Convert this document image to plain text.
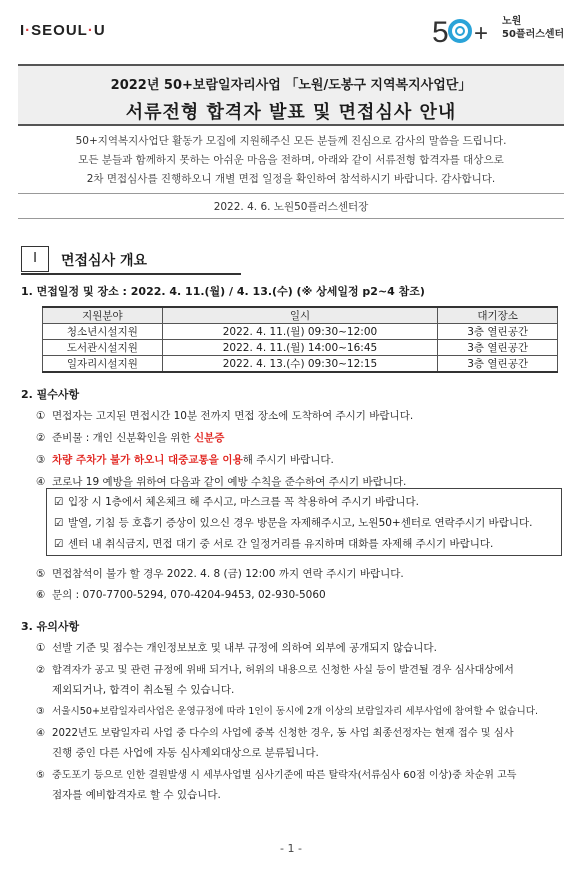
I·SEOUL·U	5 + 노원
50플러스센터
2022년 50+보람일자리사업 「노원/도봉구 지역복지사업단」
서류전형 합격자 발표 및 면접심사 안내
50+지역복지사업단 활동가 모집에 지원해주신 모든 분들께 진심으로 감사의 말씀을 드립니다.
모든 분들과 함께하지 못하는 아쉬운 마음을 전하며, 아래와 같이 서류전형 합격자를 대상으로
2차 면접심사를 진행하오니 개별 면접 일정을 확인하여 참석하시기 바랍니다. 감사합니다.
2022. 4. 6. 노원50플러스센터장
Ⅰ	면접심사 개요
1. 면접일정 및 장소 : 2022. 4. 11.(월) / 4. 13.(수) (※ 상세일정 p2~4 참조)
지원분야	일시	대기장소
청소년시설지원	2022. 4. 11.(월) 09:30~12:00	3층 열린공간
도서관시설지원	2022. 4. 11.(월) 14:00~16:45	3층 열린공간
일자리시설지원	2022. 4. 13.(수) 09:30~12:15	3층 열린공간
2. 필수사항
① 면접자는 고지된 면접시간 10분 전까지 면접 장소에 도착하여 주시기 바랍니다.
② 준비물 : 개인 신분확인을 위한 신분증
③ 차량 주차가 불가 하오니 대중교통을 이용해 주시기 바랍니다.
④ 코로나 19 예방을 위하여 다음과 같이 예방 수칙을 준수하여 주시기 바랍니다.
☑ 입장 시 1층에서 체온체크 해 주시고, 마스크를 꼭 착용하여 주시기 바랍니다.
☑ 발열, 기침 등 호흡기 증상이 있으신 경우 방문을 자제해주시고, 노원50+센터로 연락주시기 바랍니다.
☑ 센터 내 취식금지, 면접 대기 중 서로 간 일정거리를 유지하며 대화를 자제해 주시기 바랍니다.
⑤ 면접참석이 불가 할 경우 2022. 4. 8 (금) 12:00 까지 연락 주시기 바랍니다.
⑥ 문의 : 070-7700-5294, 070-4204-9453, 02-930-5060
3. 유의사항
① 선발 기준 및 점수는 개인정보보호 및 내부 규정에 의하여 외부에 공개되지 않습니다.
② 합격자가 공고 및 관련 규정에 위배 되거나, 허위의 내용으로 신청한 사실 등이 발견될 경우 심사대상에서
제외되거나, 합격이 취소될 수 있습니다.
③ 서울시50+보람일자리사업은 운영규정에 따라 1인이 동시에 2개 이상의 보람일자리 세부사업에 참여할 수 없습니다.
④ 2022년도 보람일자리 사업 중 다수의 사업에 중복 신청한 경우, 동 사업 최종선정자는 현재 접수 및 심사
진행 중인 다른 사업에 자동 심사제외대상으로 분류됩니다.
⑤ 중도포기 등으로 인한 결원발생 시 세부사업별 심사기준에 따른 탈락자(서류심사 60점 이상)중 차순위 고득
점자를 예비합격자로 할 수 있습니다.
- 1 -
